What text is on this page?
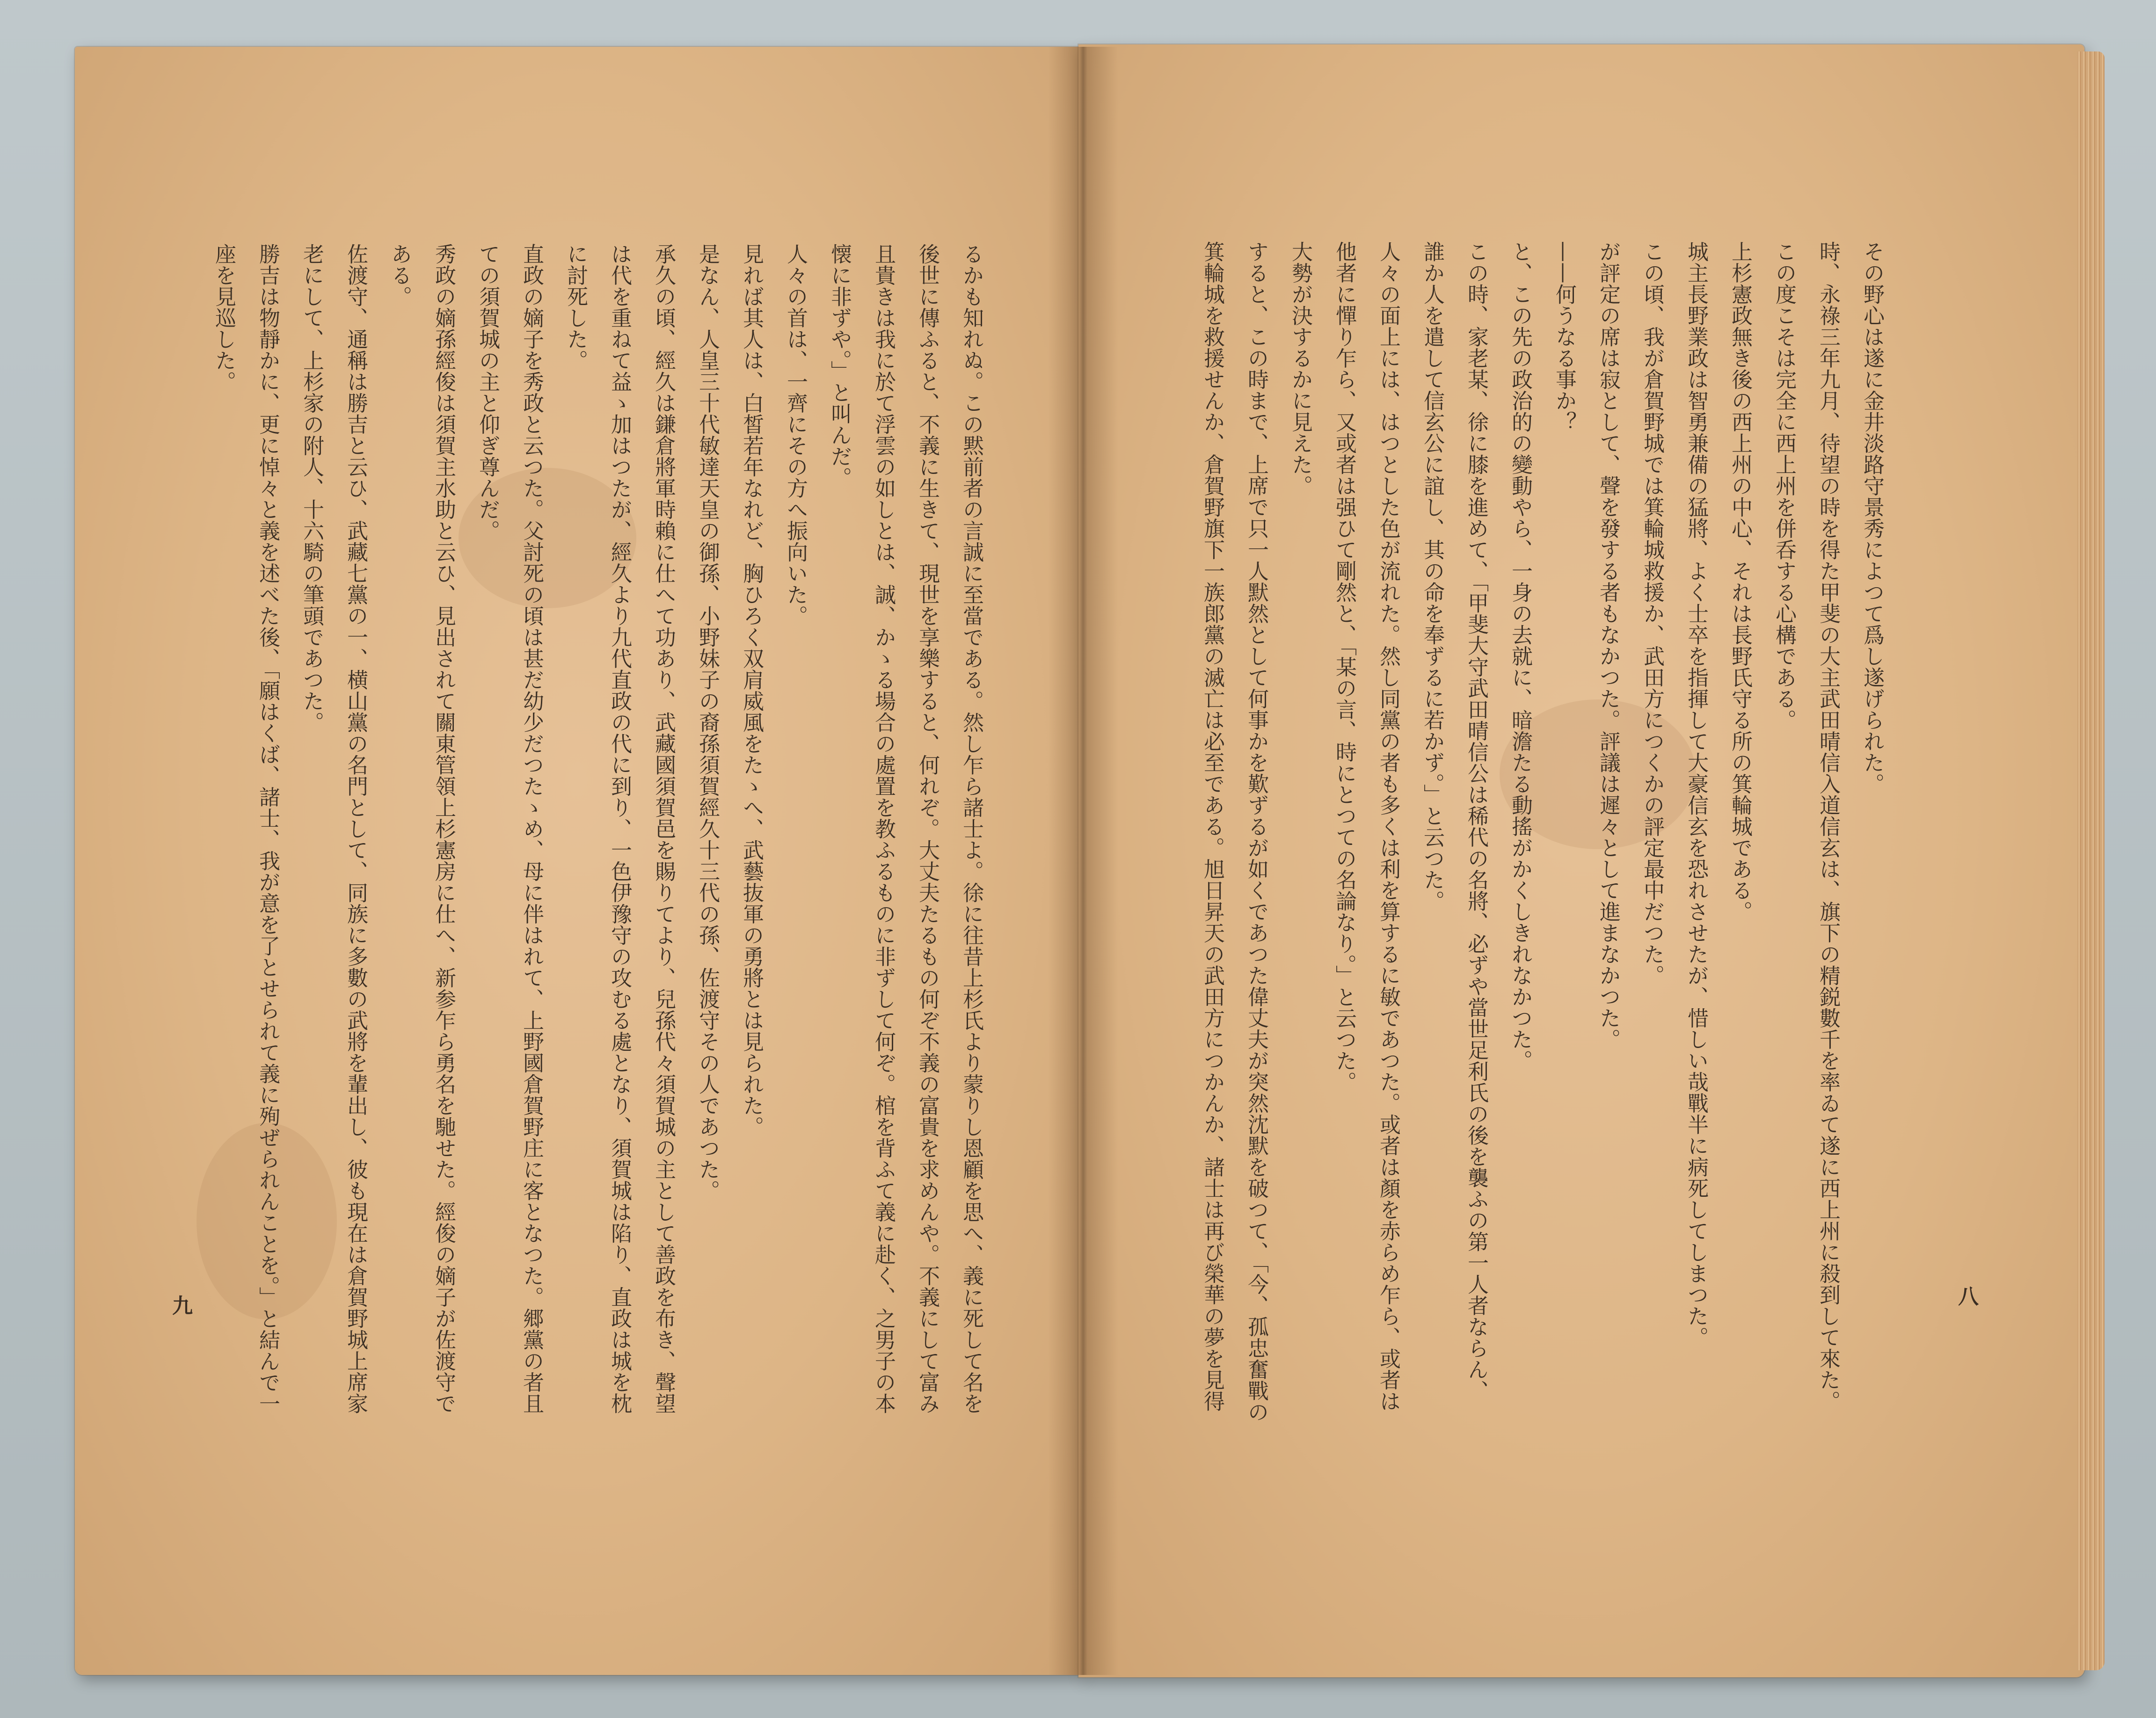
るかも知れぬ。この黙前者の言誠に至當である。然し乍ら諸士よ。徐に往昔上杉氏より蒙りし恩顧を思へ、義に死して名を
後世に傳ふると、不義に生きて、現世を享樂すると、何れぞ。大丈夫たるもの何ぞ不義の富貴を求めんや。不義にして富み
且貴きは我に於て浮雲の如しとは、誠、かゝる場合の處置を教ふるものに非ずして何ぞ。棺を背ふて義に赴く、之男子の本
懐に非ずや。」と叫んだ。
人々の首は、一齊にその方へ振向いた。
見れば其人は、白皙若年なれど、胸ひろく双肩威風をたゝへ、武藝抜軍の勇將とは見られた。
是なん、人皇三十代敏達天皇の御孫、小野妹子の裔孫須賀經久十三代の孫、佐渡守その人であつた。
承久の頃、經久は鎌倉將軍時賴に仕へて功あり、武藏國須賀邑を賜りてより、兒孫代々須賀城の主として善政を布き、聲望
は代を重ねて益ゝ加はつたが、經久より九代直政の代に到り、一色伊豫守の攻むる處となり、須賀城は陷り、直政は城を枕
に討死した。
直政の嫡子を秀政と云つた。父討死の頃は甚だ幼少だつたゝめ、母に伴はれて、上野國倉賀野庄に客となつた。郷黨の者且
ての須賀城の主と仰ぎ尊んだ。
秀政の嫡孫經俊は須賀主水助と云ひ、見出されて關東管領上杉憲房に仕へ、新参乍ら勇名を馳せた。經俊の嫡子が佐渡守で
ある。
佐渡守、通稱は勝吉と云ひ、武藏七黨の一、横山黨の名門として、同族に多數の武將を輩出し、彼も現在は倉賀野城上席家
老にして、上杉家の附人、十六騎の筆頭であつた。
勝吉は物靜かに、更に悼々と義を述べた後、「願はくば、諸士、我が意を了とせられて義に殉ぜられんことを。」と結んで一
座を見巡した。
九
その野心は遂に金井淡路守景秀によつて爲し遂げられた。
時、永祿三年九月、待望の時を得た甲斐の大主武田晴信入道信玄は、旗下の精鋭數千を率ゐて遂に西上州に殺到して來た。
この度こそは完全に西上州を併呑する心構である。
上杉憲政無き後の西上州の中心、それは長野氏守る所の箕輪城である。
城主長野業政は智勇兼備の猛將、よく士卒を指揮して大豪信玄を恐れさせたが、惜しい哉戰半に病死してしまつた。
この頃、我が倉賀野城では箕輪城救援か、武田方につくかの評定最中だつた。
が評定の席は寂として、聲を發する者もなかつた。評議は遲々として進まなかつた。
——何うなる事か？
と、この先の政治的の變動やら、一身の去就に、暗澹たる動搖がかくしきれなかつた。
この時、家老某、徐に膝を進めて、「甲斐大守武田晴信公は稀代の名將、必ずや當世足利氏の後を襲ふの第一人者ならん、
誰か人を遣して信玄公に誼し、其の命を奉ずるに若かず。」と云つた。
人々の面上には、はつとした色が流れた。然し同黨の者も多くは利を算するに敏であつた。或者は顏を赤らめ乍ら、或者は
他者に憚り乍ら、又或者は强ひて剛然と、「某の言、時にとつての名論なり。」と云つた。
大勢が決するかに見えた。
すると、この時まで、上席で只一人默然として何事かを歎ずるが如くであつた偉丈夫が突然沈默を破つて、「今、孤忠奮戰の
箕輪城を救援せんか、倉賀野旗下一族郎黨の滅亡は必至である。旭日昇天の武田方につかんか、諸士は再び榮華の夢を見得	八
